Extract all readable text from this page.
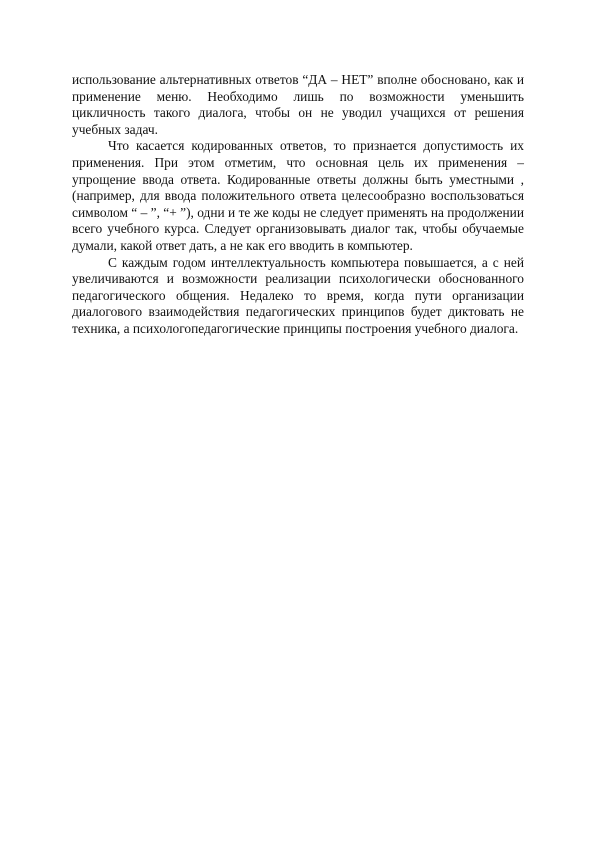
использование альтернативных ответов “ДА – НЕТ” вполне обосновано, как и применение меню. Необходимо лишь по возможности уменьшить цикличность такого диалога, чтобы он не уводил учащихся от решения учебных задач.

Что касается кодированных ответов, то признается допустимость их применения. При этом отметим, что основная цель их применения – упрощение ввода ответа. Кодированные ответы должны быть уместными , (например, для ввода положительного ответа целесообразно воспользоваться символом “ – ”, “+ ”), одни и те же коды не следует применять на продолжении всего учебного курса. Следует организовывать диалог так, чтобы обучаемые думали, какой ответ дать, а не как его вводить в компьютер.

С каждым годом интеллектуальность компьютера повышается, а с ней увеличиваются и возможности реализации психологически обоснованного педагогического общения. Недалеко то время, когда пути организации диалогового взаимодействия педагогических принципов будет диктовать не техника, а психологопедагогические принципы построения учебного диалога.
